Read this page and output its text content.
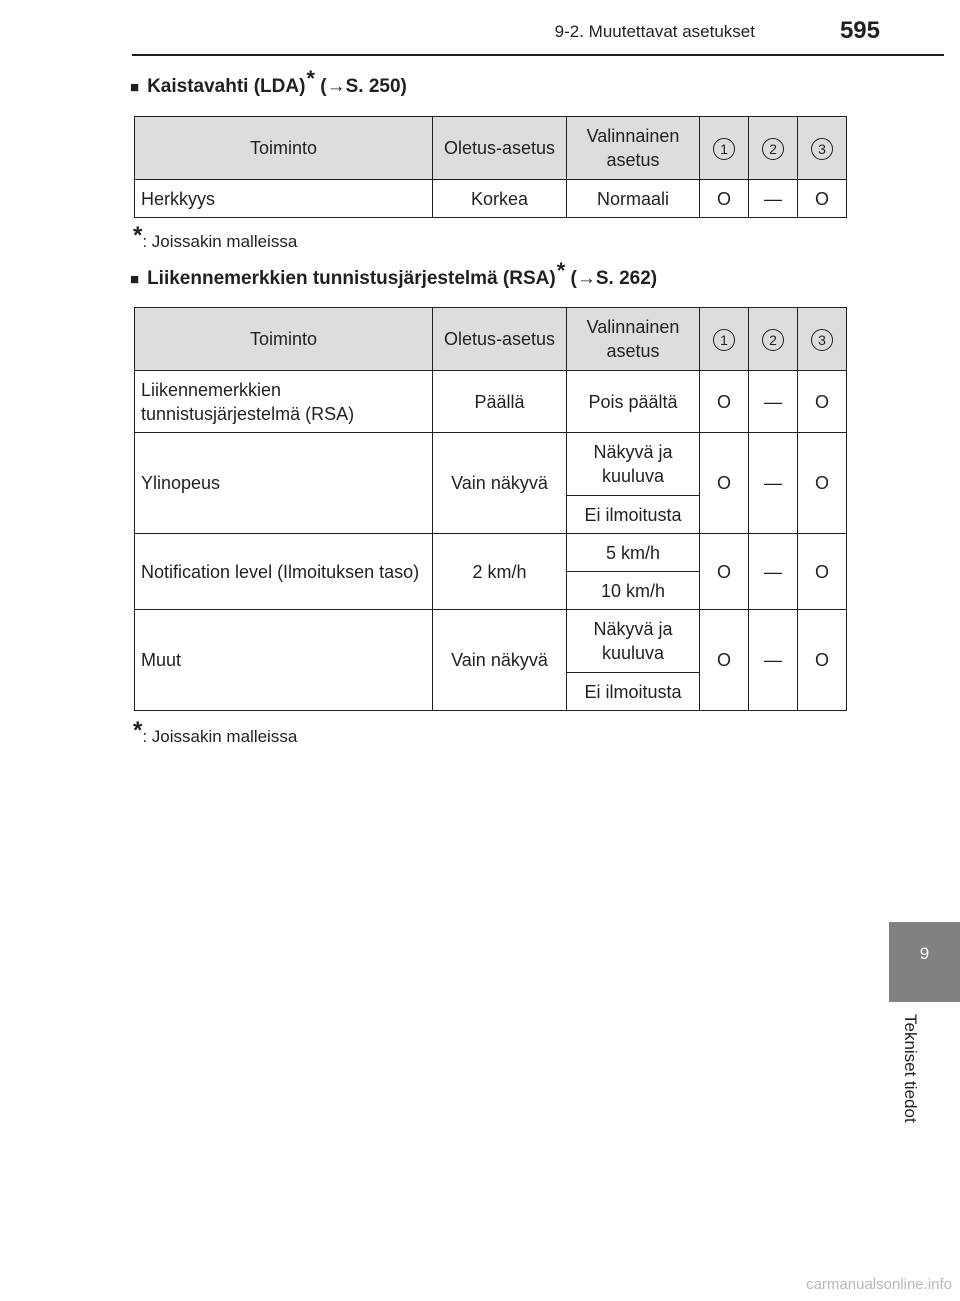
9-2. Muutettavat asetukset	595
■ Kaistavahti (LDA)* (→S. 250)
Toiminto	Oletus-asetus	Valinnainen asetus	1	2	3
Herkkyys	Korkea	Normaali	O	—	O
*: Joissakin malleissa
■ Liikennemerkkien tunnistusjärjestelmä (RSA)* (→S. 262)
Toiminto	Oletus-asetus	Valinnainen asetus	1	2	3
Liikennemerkkien tunnistusjärjestelmä (RSA)	Päällä	Pois päältä	O	—	O
Ylinopeus	Vain näkyvä	Näkyvä ja kuuluva	O	—	O
		Ei ilmoitusta			
Notification level (Ilmoituksen taso)	2 km/h	5 km/h	O	—	O
		10 km/h			
Muut	Vain näkyvä	Näkyvä ja kuuluva	O	—	O
		Ei ilmoitusta			
*: Joissakin malleissa
9
Tekniset tiedot
carmanualsonline.info
